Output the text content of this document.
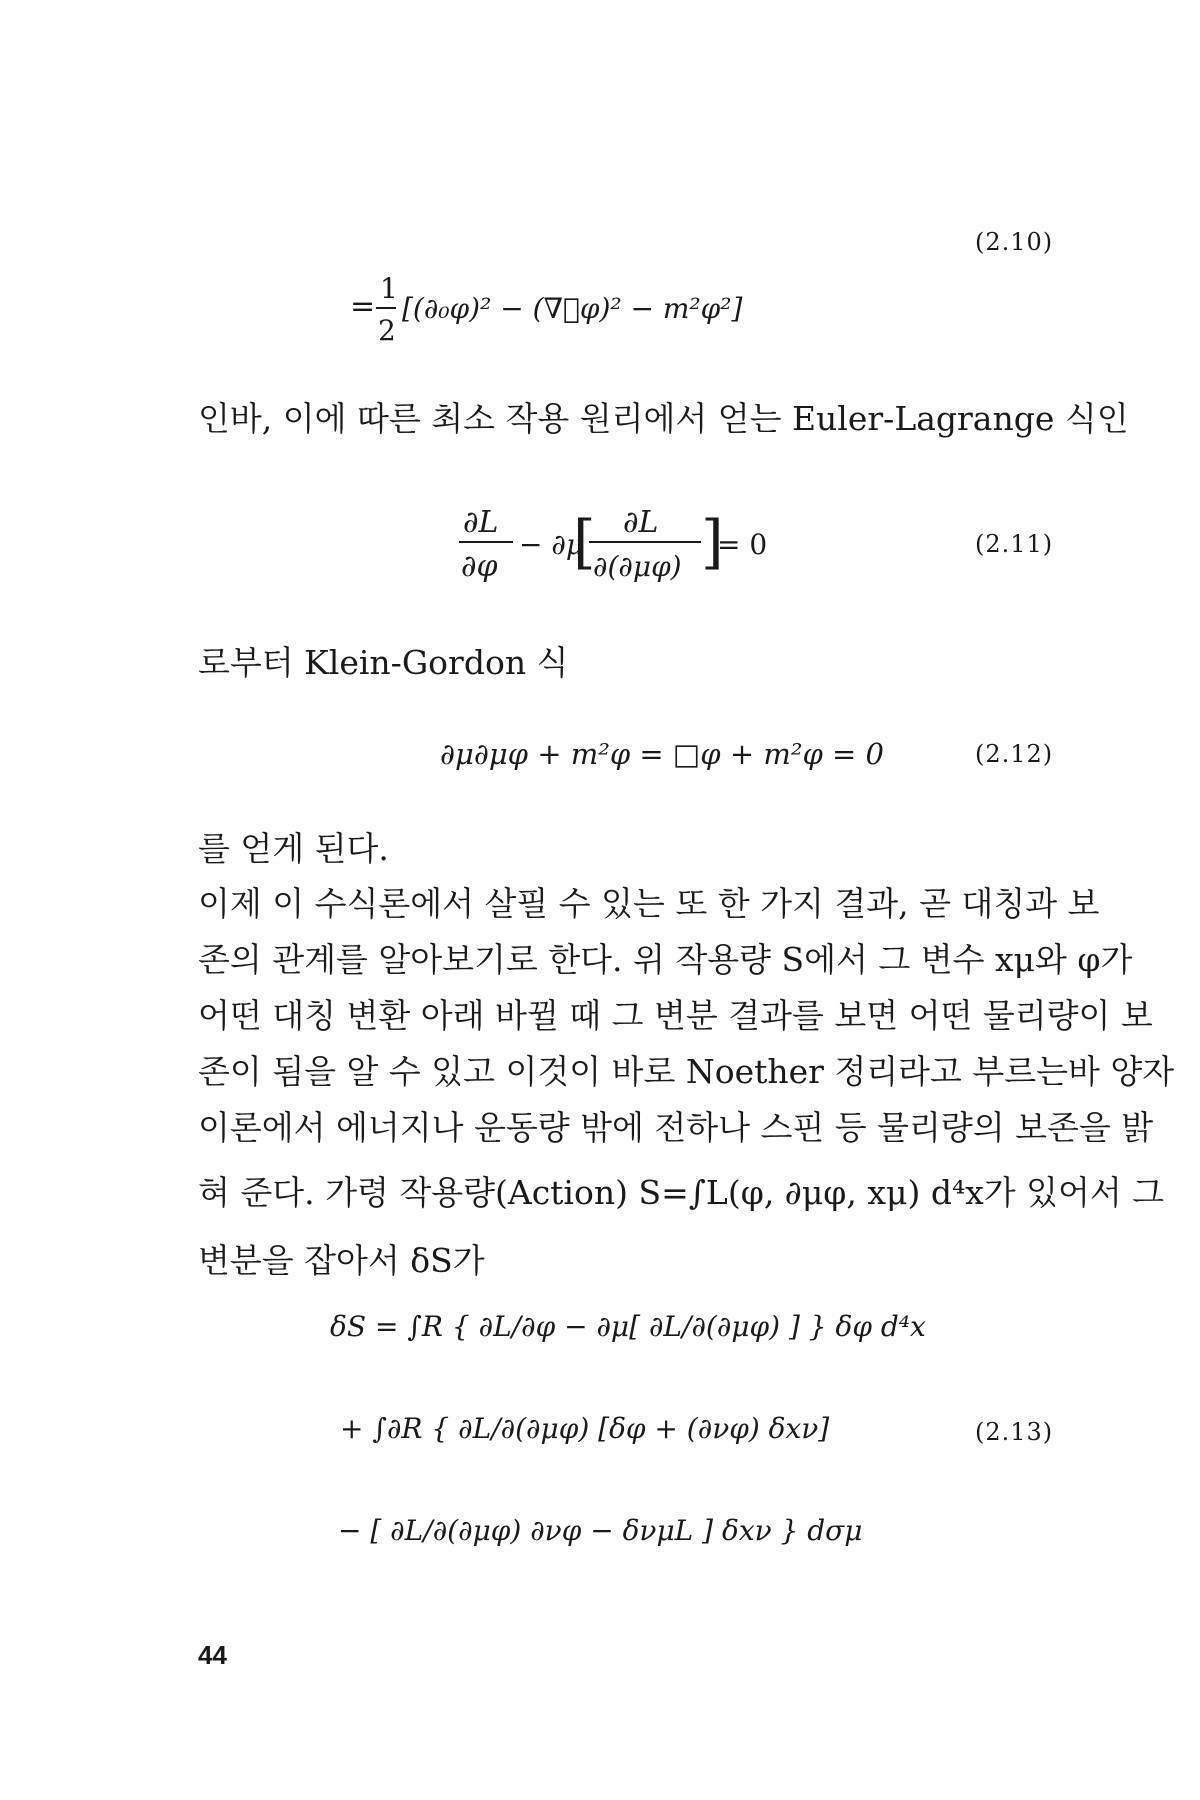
(2.10)
=
1
2
[(∂₀φ)² − (∇⃗φ)² − m²φ²]

인바, 이에 따른 최소 작용 원리에서 얻는 Euler-Lagrange 식인

∂L
∂φ
− ∂μ
[ ∂L
∂(∂μφ) ]
= 0	(2.11)

로부터 Klein-Gordon 식

∂μ∂μφ + m²φ = □φ + m²φ = 0	(2.12)

를 얻게 된다.

이제 이 수식론에서 살필 수 있는 또 한 가지 결과, 곧 대칭과 보
존의 관계를 알아보기로 한다. 위 작용량 S에서 그 변수 xμ와 φ가
어떤 대칭 변환 아래 바뀔 때 그 변분 결과를 보면 어떤 물리량이 보
존이 됨을 알 수 있고 이것이 바로 Noether 정리라고 부르는바 양자
이론에서 에너지나 운동량 밖에 전하나 스핀 등 물리량의 보존을 밝
혀 준다. 가령 작용량(Action) S=∫L(φ, ∂μφ, xμ) d⁴x가 있어서 그
변분을 잡아서 δS가

δS = ∫R { ∂L/∂φ − ∂μ[ ∂L/∂(∂μφ) ] } δφ d⁴x
+ ∫∂R { ∂L/∂(∂μφ) [δφ + (∂νφ) δxν]
− [ ∂L/∂(∂μφ) ∂νφ − δνμL ] δxν } dσμ
(2.13)
44
